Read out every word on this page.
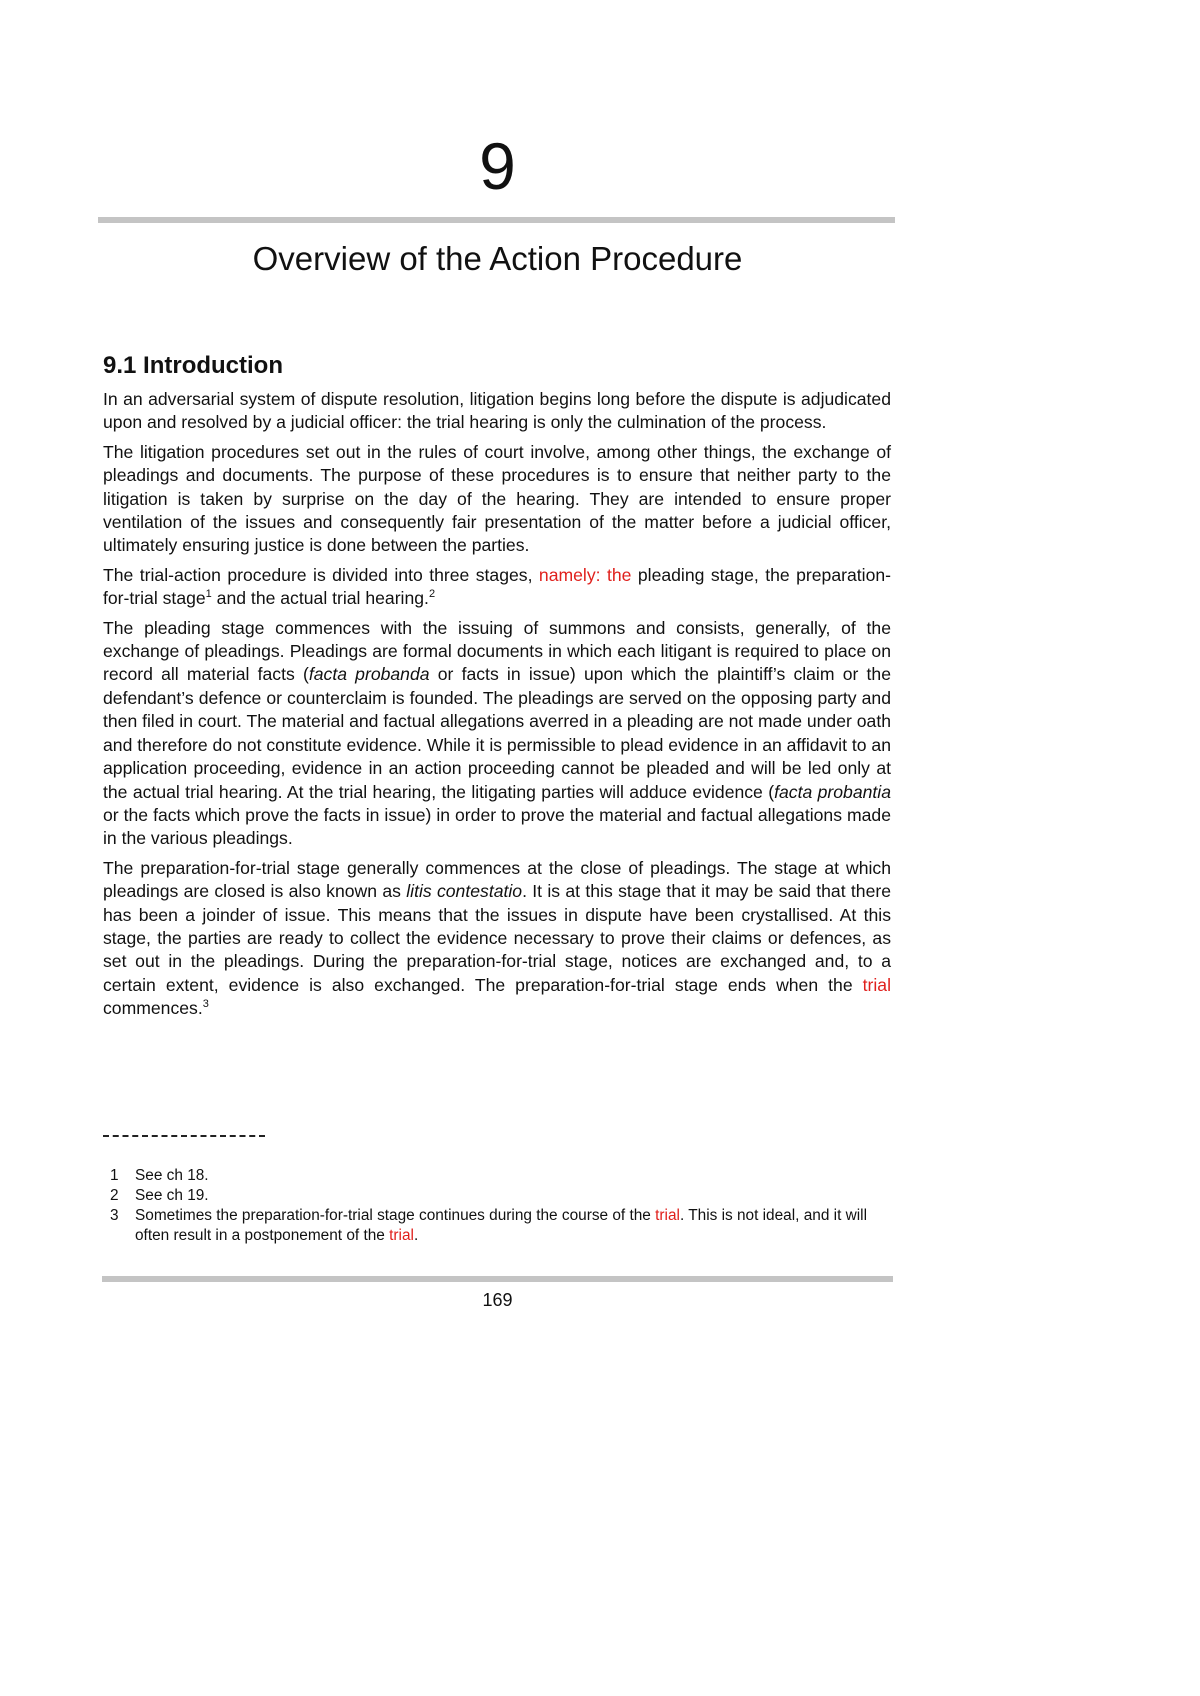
9
Overview of the Action Procedure
9.1 Introduction

In an adversarial system of dispute resolution, litigation begins long before the dispute is adjudicated upon and resolved by a judicial officer: the trial hearing is only the culmination of the process.

The litigation procedures set out in the rules of court involve, among other things, the exchange of pleadings and documents. The purpose of these procedures is to ensure that neither party to the litigation is taken by surprise on the day of the hearing. They are intended to ensure proper ventilation of the issues and consequently fair presentation of the matter before a judicial officer, ultimately ensuring justice is done between the parties.

The trial-action procedure is divided into three stages, namely: the pleading stage, the preparation-for-trial stage$^1$ and the actual trial hearing.$^2$

The pleading stage commences with the issuing of summons and consists, generally, of the exchange of pleadings. Pleadings are formal documents in which each litigant is required to place on record all material facts (facta probanda or facts in issue) upon which the plaintiff’s claim or the defendant’s defence or counterclaim is founded. The pleadings are served on the opposing party and then filed in court. The material and factual allegations averred in a pleading are not made under oath and therefore do not constitute evidence. While it is permissible to plead evidence in an affidavit to an application proceeding, evidence in an action proceeding cannot be pleaded and will be led only at the actual trial hearing. At the trial hearing, the litigating parties will adduce evidence (facta probantia or the facts which prove the facts in issue) in order to prove the material and factual allegations made in the various pleadings.

The preparation-for-trial stage generally commences at the close of pleadings. The stage at which pleadings are closed is also known as litis contestatio. It is at this stage that it may be said that there has been a joinder of issue. This means that the issues in dispute have been crystallised. At this stage, the parties are ready to collect the evidence necessary to prove their claims or defences, as set out in the pleadings. During the preparation-for-trial stage, notices are exchanged and, to a certain extent, evidence is also exchanged. The preparation-for-trial stage ends when the trial commences.$^3$

1	See ch 18.
2	See ch 19.
3	Sometimes the preparation-for-trial stage continues during the course of the trial. This is not ideal, and it will often result in a postponement of the trial.
169
